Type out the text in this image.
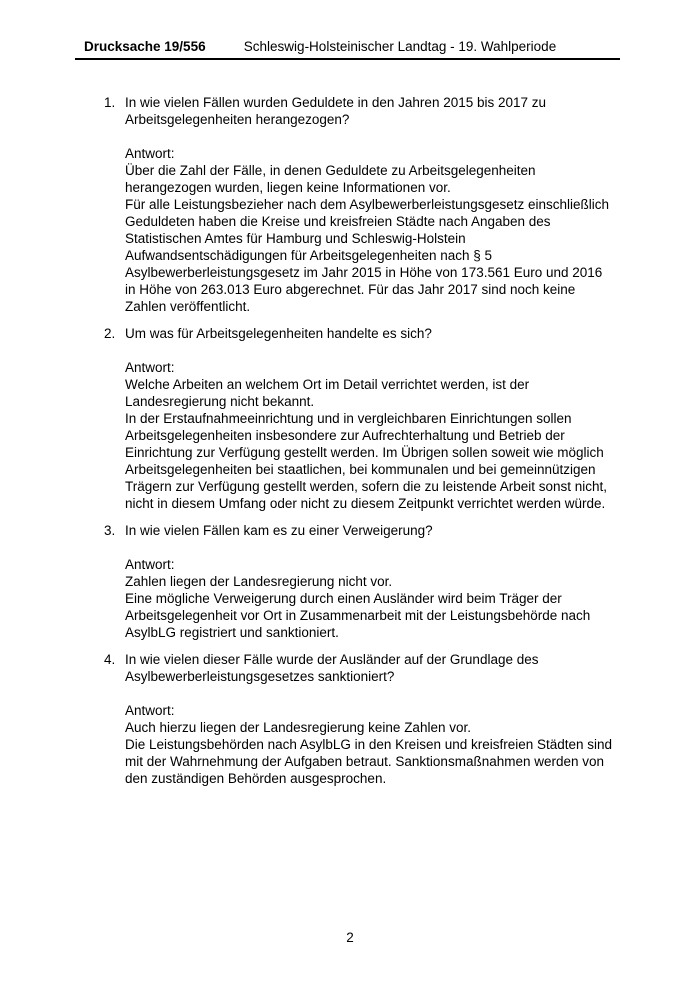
Drucksache 19/556	Schleswig-Holsteinischer Landtag - 19. Wahlperiode
1. In wie vielen Fällen wurden Geduldete in den Jahren 2015 bis 2017 zu Arbeitsgelegenheiten herangezogen?
Antwort:

Über die Zahl der Fälle, in denen Geduldete zu Arbeitsgelegenheiten herangezogen wurden, liegen keine Informationen vor.

Für alle Leistungsbezieher nach dem Asylbewerberleistungsgesetz einschließlich Geduldeten haben die Kreise und kreisfreien Städte nach Angaben des Statistischen Amtes für Hamburg und Schleswig-Holstein Aufwandsentschädigungen für Arbeitsgelegenheiten nach § 5 Asylbewerberleistungsgesetz im Jahr 2015 in Höhe von 173.561 Euro und 2016 in Höhe von 263.013 Euro abgerechnet. Für das Jahr 2017 sind noch keine Zahlen veröffentlicht.

2. Um was für Arbeitsgelegenheiten handelte es sich?
Antwort:

Welche Arbeiten an welchem Ort im Detail verrichtet werden, ist der Landesregierung nicht bekannt.

In der Erstaufnahmeeinrichtung und in vergleichbaren Einrichtungen sollen Arbeitsgelegenheiten insbesondere zur Aufrechterhaltung und Betrieb der Einrichtung zur Verfügung gestellt werden. Im Übrigen sollen soweit wie möglich Arbeitsgelegenheiten bei staatlichen, bei kommunalen und bei gemeinnützigen Trägern zur Verfügung gestellt werden, sofern die zu leistende Arbeit sonst nicht, nicht in diesem Umfang oder nicht zu diesem Zeitpunkt verrichtet werden würde.

3. In wie vielen Fällen kam es zu einer Verweigerung?
Antwort:

Zahlen liegen der Landesregierung nicht vor.

Eine mögliche Verweigerung durch einen Ausländer wird beim Träger der Arbeitsgelegenheit vor Ort in Zusammenarbeit mit der Leistungsbehörde nach AsylbLG registriert und sanktioniert.

4. In wie vielen dieser Fälle wurde der Ausländer auf der Grundlage des Asylbewerberleistungsgesetzes sanktioniert?
Antwort:

Auch hierzu liegen der Landesregierung keine Zahlen vor.

Die Leistungsbehörden nach AsylbLG in den Kreisen und kreisfreien Städten sind mit der Wahrnehmung der Aufgaben betraut. Sanktionsmaßnahmen werden von den zuständigen Behörden ausgesprochen.

2
